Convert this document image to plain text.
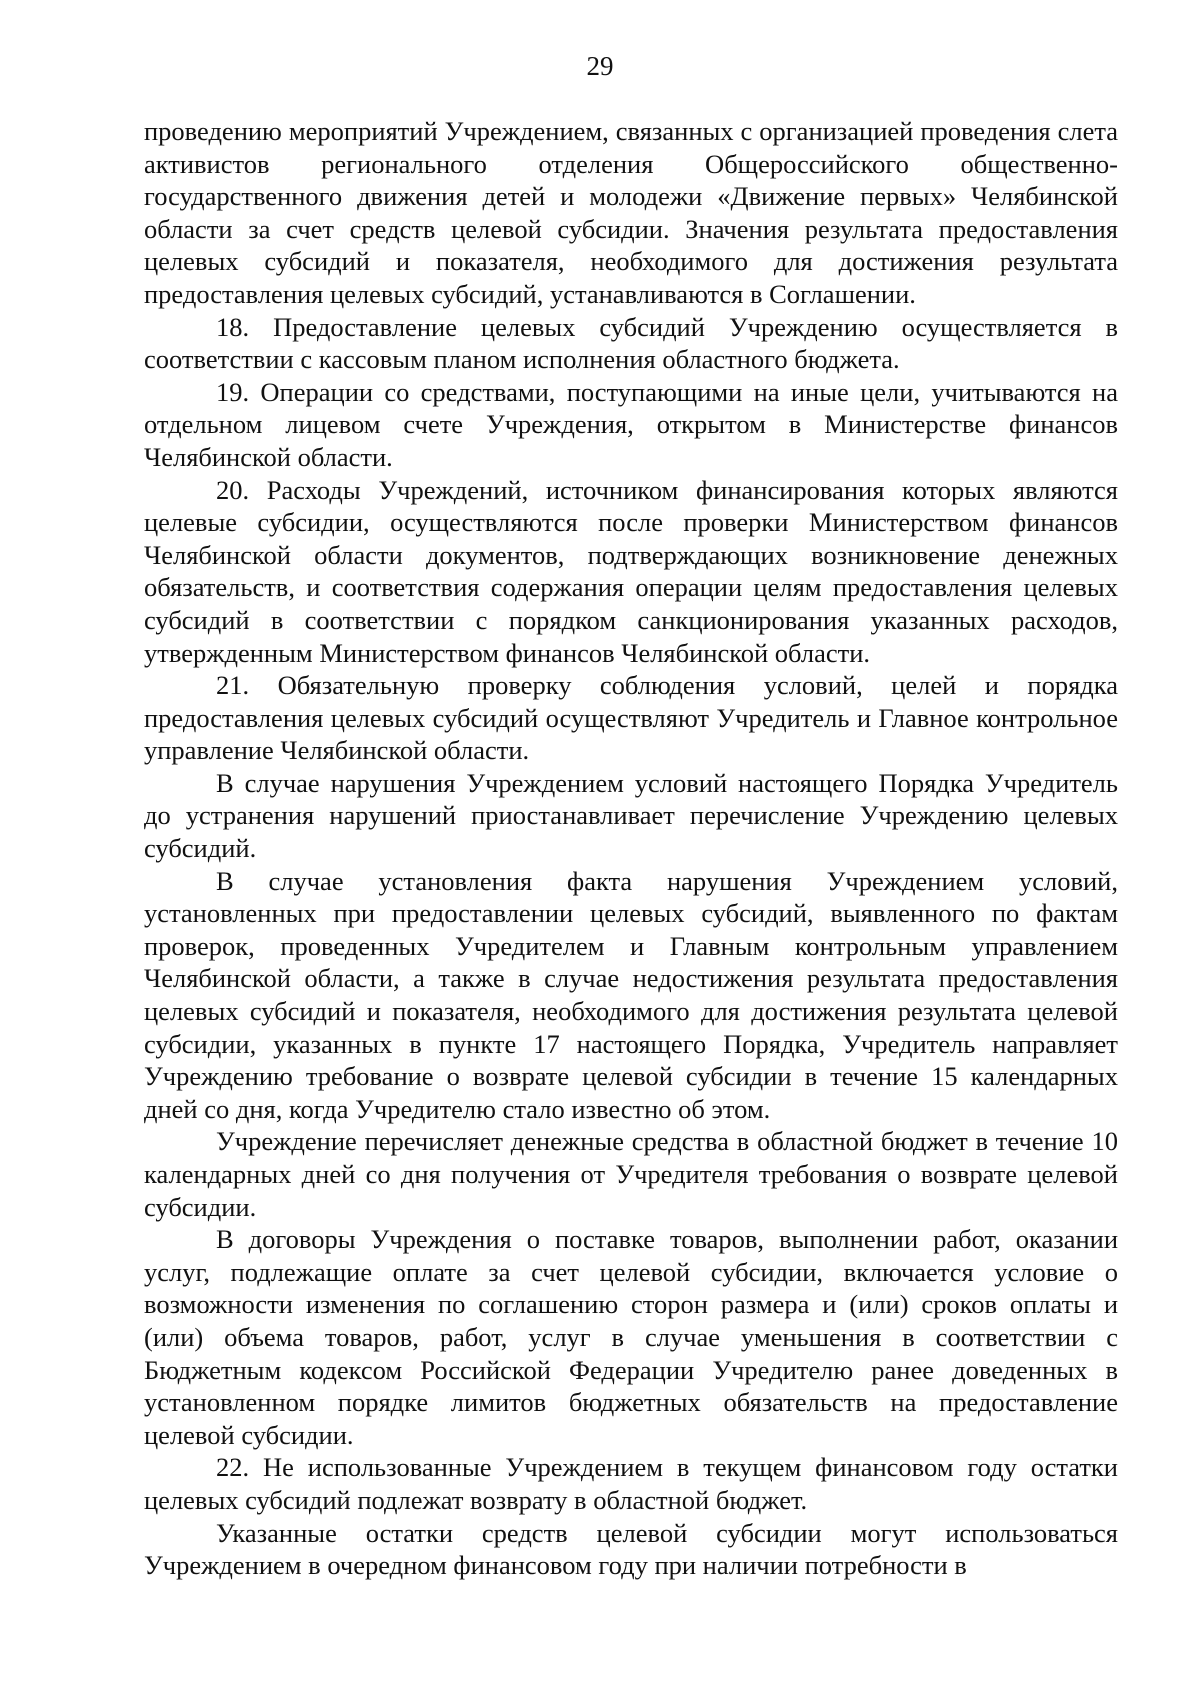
29

проведению мероприятий Учреждением, связанных с организацией проведения слета активистов регионального отделения Общероссийского общественно-государственного движения детей и молодежи «Движение первых» Челябинской области за счет средств целевой субсидии. Значения результата предоставления целевых субсидий и показателя, необходимого для достижения результата предоставления целевых субсидий, устанавливаются в Соглашении.

18. Предоставление целевых субсидий Учреждению осуществляется в соответствии с кассовым планом исполнения областного бюджета.

19. Операции со средствами, поступающими на иные цели, учитываются на отдельном лицевом счете Учреждения, открытом в Министерстве финансов Челябинской области.

20. Расходы Учреждений, источником финансирования которых являются целевые субсидии, осуществляются после проверки Министерством финансов Челябинской области документов, подтверждающих возникновение денежных обязательств, и соответствия содержания операции целям предоставления целевых субсидий в соответствии с порядком санкционирования указанных расходов, утвержденным Министерством финансов Челябинской области.

21. Обязательную проверку соблюдения условий, целей и порядка предоставления целевых субсидий осуществляют Учредитель и Главное контрольное управление Челябинской области.

В случае нарушения Учреждением условий настоящего Порядка Учредитель до устранения нарушений приостанавливает перечисление Учреждению целевых субсидий.

В случае установления факта нарушения Учреждением условий, установленных при предоставлении целевых субсидий, выявленного по фактам проверок, проведенных Учредителем и Главным контрольным управлением Челябинской области, а также в случае недостижения результата предоставления целевых субсидий и показателя, необходимого для достижения результата целевой субсидии, указанных в пункте 17 настоящего Порядка, Учредитель направляет Учреждению требование о возврате целевой субсидии в течение 15 календарных дней со дня, когда Учредителю стало известно об этом.

Учреждение перечисляет денежные средства в областной бюджет в течение 10 календарных дней со дня получения от Учредителя требования о возврате целевой субсидии.

В договоры Учреждения о поставке товаров, выполнении работ, оказании услуг, подлежащие оплате за счет целевой субсидии, включается условие о возможности изменения по соглашению сторон размера и (или) сроков оплаты и (или) объема товаров, работ, услуг в случае уменьшения в соответствии с Бюджетным кодексом Российской Федерации Учредителю ранее доведенных в установленном порядке лимитов бюджетных обязательств на предоставление целевой субсидии.

22. Не использованные Учреждением в текущем финансовом году остатки целевых субсидий подлежат возврату в областной бюджет.

Указанные остатки средств целевой субсидии могут использоваться Учреждением в очередном финансовом году при наличии потребности в
